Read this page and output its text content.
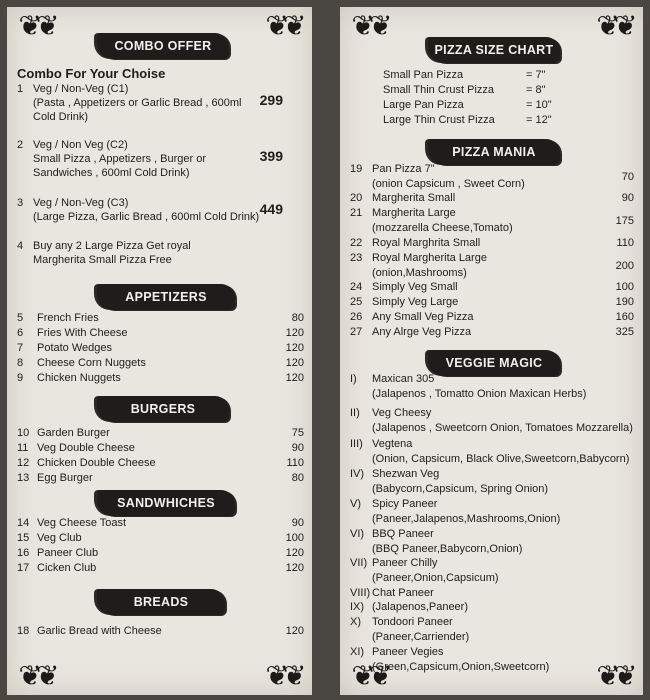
❦❦	❦❦
❦❦	❦❦
COMBO OFFER
Combo For Your Choise
1 Veg / Non-Veg (C1)
(Pasta , Appetizers or Garlic Bread , 600ml
Cold Drink)
299
2 Veg / Non Veg (C2)
Small Pizza , Appetizers , Burger or
Sandwiches , 600ml Cold Drink)
399
3 Veg / Non-Veg (C3)
(Large Pizza, Garlic Bread , 600ml Cold Drink) 449
4 Buy any 2 Large Pizza Get royal
Margherita Small Pizza Free
APPETIZERS
5 French Fries	80
6 Fries With Cheese	120
7 Potato Wedges	120
8 Cheese Corn Nuggets	120
9 Chicken Nuggets	120
BURGERS
10 Garden Burger	75
11 Veg Double Cheese	90
12 Chicken Double Cheese	110
13 Egg Burger	80
SANDWHICHES
14 Veg Cheese Toast	90
15 Veg Club	100
16 Paneer Club	120
17 Cicken Club	120
BREADS
18 Garlic Bread with Cheese	120
❦❦	❦❦
❦❦	❦❦
PIZZA SIZE CHART
Small Pan Pizza	= 7"
Small Thin Crust Pizza	= 8"
Large Pan Pizza	= 10"
Large Thin Crust Pizza	= 12"
PIZZA MANIA
19 Pan Pizza 7"
(onion Capsicum , Sweet Corn)
70
20 Margherita Small	90
21 Margherita Large
(mozzarella Cheese,Tomato)
175
22 Royal Marghrita Small	110
23 Royal Margherita Large
(onion,Mashrooms)
200
24 Simply Veg Small	100
25 Simply Veg Large	190
26 Any Small Veg Pizza	160
27 Any Alrge Veg Pizza	325
VEGGIE MAGIC
I) Maxican 305
(Jalapenos , Tomatto Onion Maxican Herbs)
II) Veg Cheesy
(Jalapenos , Sweetcorn Onion, Tomatoes Mozzarella)
III) Vegtena
(Onion, Capsicum, Black Olive,Sweetcorn,Babycorn)
IV) Shezwan Veg
(Babycorn,Capsicum, Spring Onion)
V) Spicy Paneer
(Paneer,Jalapenos,Mashrooms,Onion)
VI) BBQ Paneer
(BBQ Paneer,Babycorn,Onion)
VII) Paneer Chilly
(Paneer,Onion,Capsicum)
VIII) Chat Paneer
IX) (Jalapenos,Paneer)
X) Tondoori Paneer
(Paneer,Carriender)
XI) Paneer Vegies
(Green,Capsicum,Onion,Sweetcorn)
